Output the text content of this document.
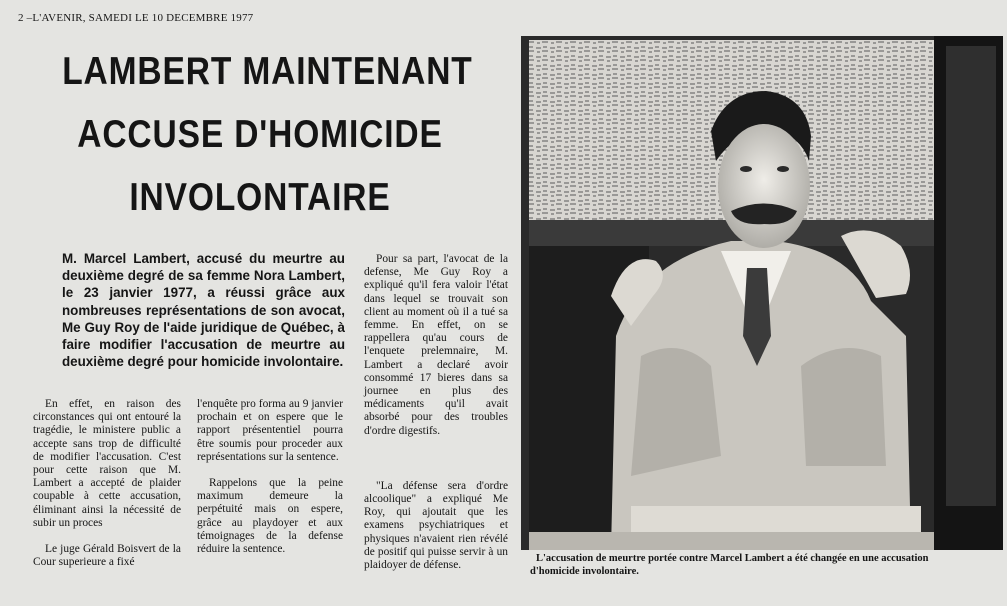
2 –L'AVENIR, SAMEDI LE 10 DECEMBRE 1977
LAMBERT MAINTENANT
ACCUSE D'HOMICIDE
INVOLONTAIRE
M. Marcel Lambert, accusé du meurtre au deuxième degré de sa femme Nora Lambert, le 23 janvier 1977, a réussi grâce aux nombreuses représentations de son avocat, Me Guy Roy de l'aide juridique de Québec, à faire modifier l'accusation de meurtre au deuxième degré pour homicide involontaire.

En effet, en raison des circonstances qui ont entouré la tragédie, le ministere public a accepte sans trop de difficulté de modifier l'accusation. C'est pour cette raison que M. Lambert a accepté de plaider coupable à cette accusation, éliminant ainsi la nécessité de subir un proces

Le juge Gérald Boisvert de la Cour superieure a fixé

l'enquête pro forma au 9 janvier prochain et on espere que le rapport présententiel pourra être soumis pour proceder aux représentations sur la sentence.

Rappelons que la peine maximum demeure la perpétuité mais on espere, grâce au playdoyer et aux témoignages de la defense réduire la sentence.

Pour sa part, l'avocat de la defense, Me Guy Roy a expliqué qu'il fera valoir l'état dans lequel se trouvait son client au moment où il a tué sa femme. En effet, on se rappellera qu'au cours de l'enquete prelemnaire, M. Lambert a declaré avoir consommé 17 bieres dans sa journee en plus des médicaments qu'il avait absorbé pour des troubles d'ordre digestifs.

"La défense sera d'ordre alcoolique" a expliqué Me Roy, qui ajoutait que les examens psychiatriques et physiques n'avaient rien révélé de positif qui puisse servir à un plaidoyer de défense.

L'accusation de meurtre portée contre Marcel Lambert a été changée en une accusation
d'homicide involontaire.
